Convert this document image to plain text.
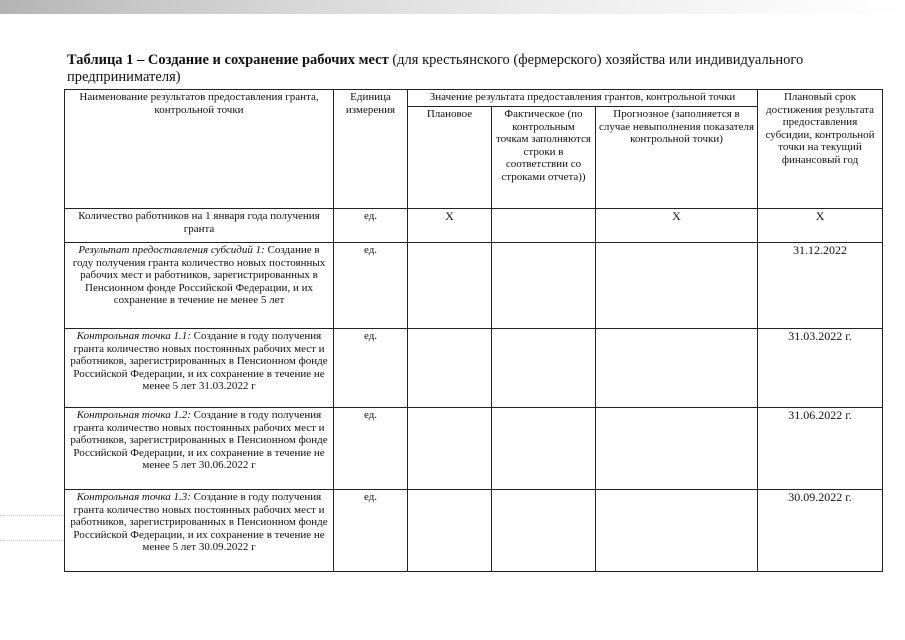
Таблица 1 – Создание и сохранение рабочих мест (для крестьянского (фермерского) хозяйства или индивидуального предпринимателя)

Наименование результатов предоставления гранта, контрольной точки	Единица измерения	Значение результата предоставления грантов, контрольной точки			Плановый срок достижения результата предоставления субсидии, контрольной точки на текущий финансовый год
		Плановое	Фактическое (по контрольным точкам заполняются строки в соответствии со строками отчета))	Прогнозное (заполняется в случае невыполнения показателя контрольной точки)	
Количество работников на 1 января года получения гранта	ед.	Х		Х	Х
Результат предоставления субсидий 1: Создание в году получения гранта количество новых постоянных рабочих мест и работников, зарегистрированных в Пенсионном фонде Российской Федерации, и их сохранение в течение не менее 5 лет	ед.				31.12.2022
Контрольная точка 1.1: Создание в году получения гранта количество новых постоянных рабочих мест и работников, зарегистрированных в Пенсионном фонде Российской Федерации, и их сохранение в течение не менее 5 лет 31.03.2022 г	ед.				31.03.2022 г.
Контрольная точка 1.2: Создание в году получения гранта количество новых постоянных рабочих мест и работников, зарегистрированных в Пенсионном фонде Российской Федерации, и их сохранение в течение не менее 5 лет 30.06.2022 г	ед.				31.06.2022 г.
Контрольная точка 1.3: Создание в году получения гранта количество новых постоянных рабочих мест и работников, зарегистрированных в Пенсионном фонде Российской Федерации, и их сохранение в течение не менее 5 лет 30.09.2022 г	ед.				30.09.2022 г.
